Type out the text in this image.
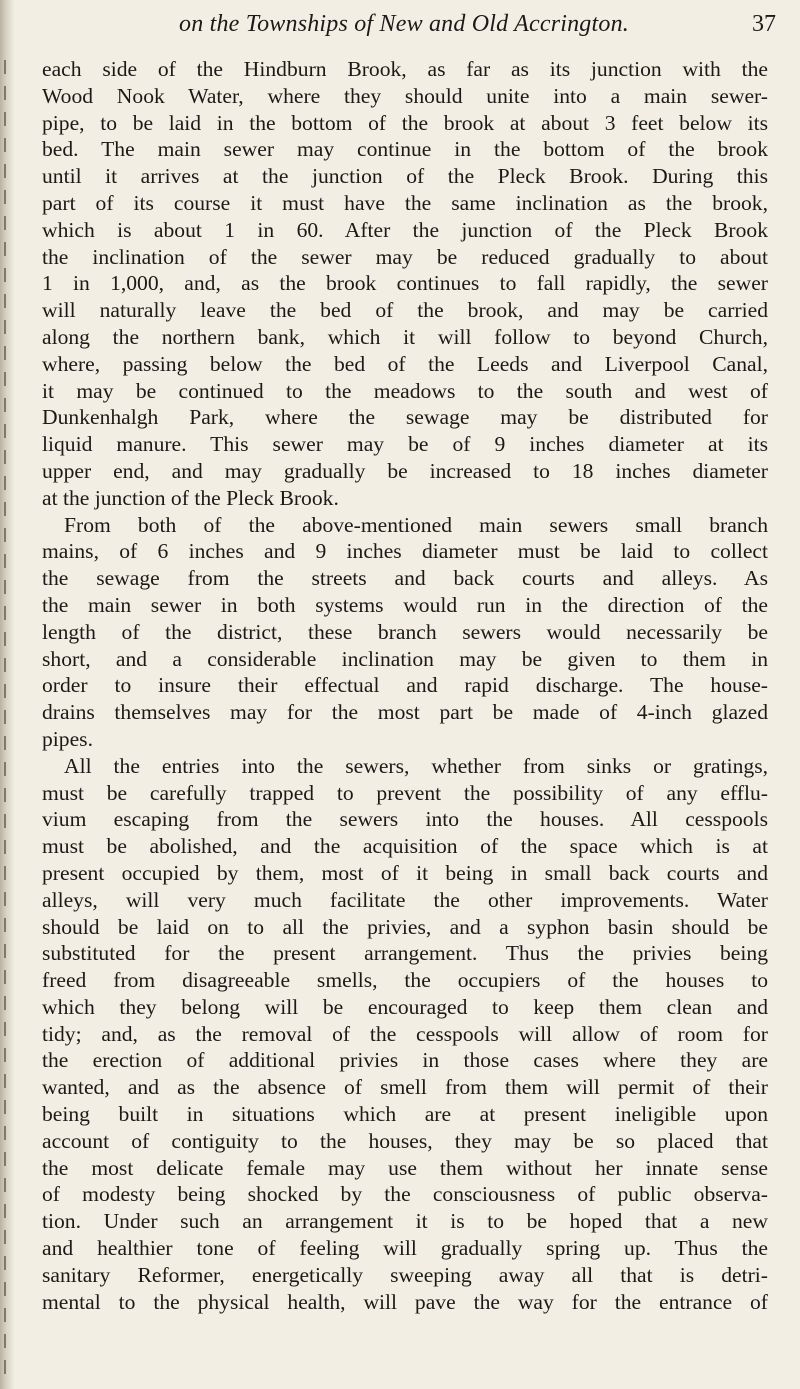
on the Townships of New and Old Accrington.	37
each side of the Hindburn Brook, as far as its junction with the
Wood Nook Water, where they should unite into a main sewer-
pipe, to be laid in the bottom of the brook at about 3 feet below its
bed. The main sewer may continue in the bottom of the brook
until it arrives at the junction of the Pleck Brook. During this
part of its course it must have the same inclination as the brook,
which is about 1 in 60. After the junction of the Pleck Brook
the inclination of the sewer may be reduced gradually to about
1 in 1,000, and, as the brook continues to fall rapidly, the sewer
will naturally leave the bed of the brook, and may be carried
along the northern bank, which it will follow to beyond Church,
where, passing below the bed of the Leeds and Liverpool Canal,
it may be continued to the meadows to the south and west of
Dunkenhalgh Park, where the sewage may be distributed for
liquid manure. This sewer may be of 9 inches diameter at its
upper end, and may gradually be increased to 18 inches diameter
at the junction of the Pleck Brook.
From both of the above-mentioned main sewers small branch
mains, of 6 inches and 9 inches diameter must be laid to collect
the sewage from the streets and back courts and alleys. As
the main sewer in both systems would run in the direction of the
length of the district, these branch sewers would necessarily be
short, and a considerable inclination may be given to them in
order to insure their effectual and rapid discharge. The house-
drains themselves may for the most part be made of 4-inch glazed
pipes.
All the entries into the sewers, whether from sinks or gratings,
must be carefully trapped to prevent the possibility of any efflu-
vium escaping from the sewers into the houses. All cesspools
must be abolished, and the acquisition of the space which is at
present occupied by them, most of it being in small back courts and
alleys, will very much facilitate the other improvements. Water
should be laid on to all the privies, and a syphon basin should be
substituted for the present arrangement. Thus the privies being
freed from disagreeable smells, the occupiers of the houses to
which they belong will be encouraged to keep them clean and
tidy; and, as the removal of the cesspools will allow of room for
the erection of additional privies in those cases where they are
wanted, and as the absence of smell from them will permit of their
being built in situations which are at present ineligible upon
account of contiguity to the houses, they may be so placed that
the most delicate female may use them without her innate sense
of modesty being shocked by the consciousness of public observa-
tion. Under such an arrangement it is to be hoped that a new
and healthier tone of feeling will gradually spring up. Thus the
sanitary Reformer, energetically sweeping away all that is detri-
mental to the physical health, will pave the way for the entrance of
